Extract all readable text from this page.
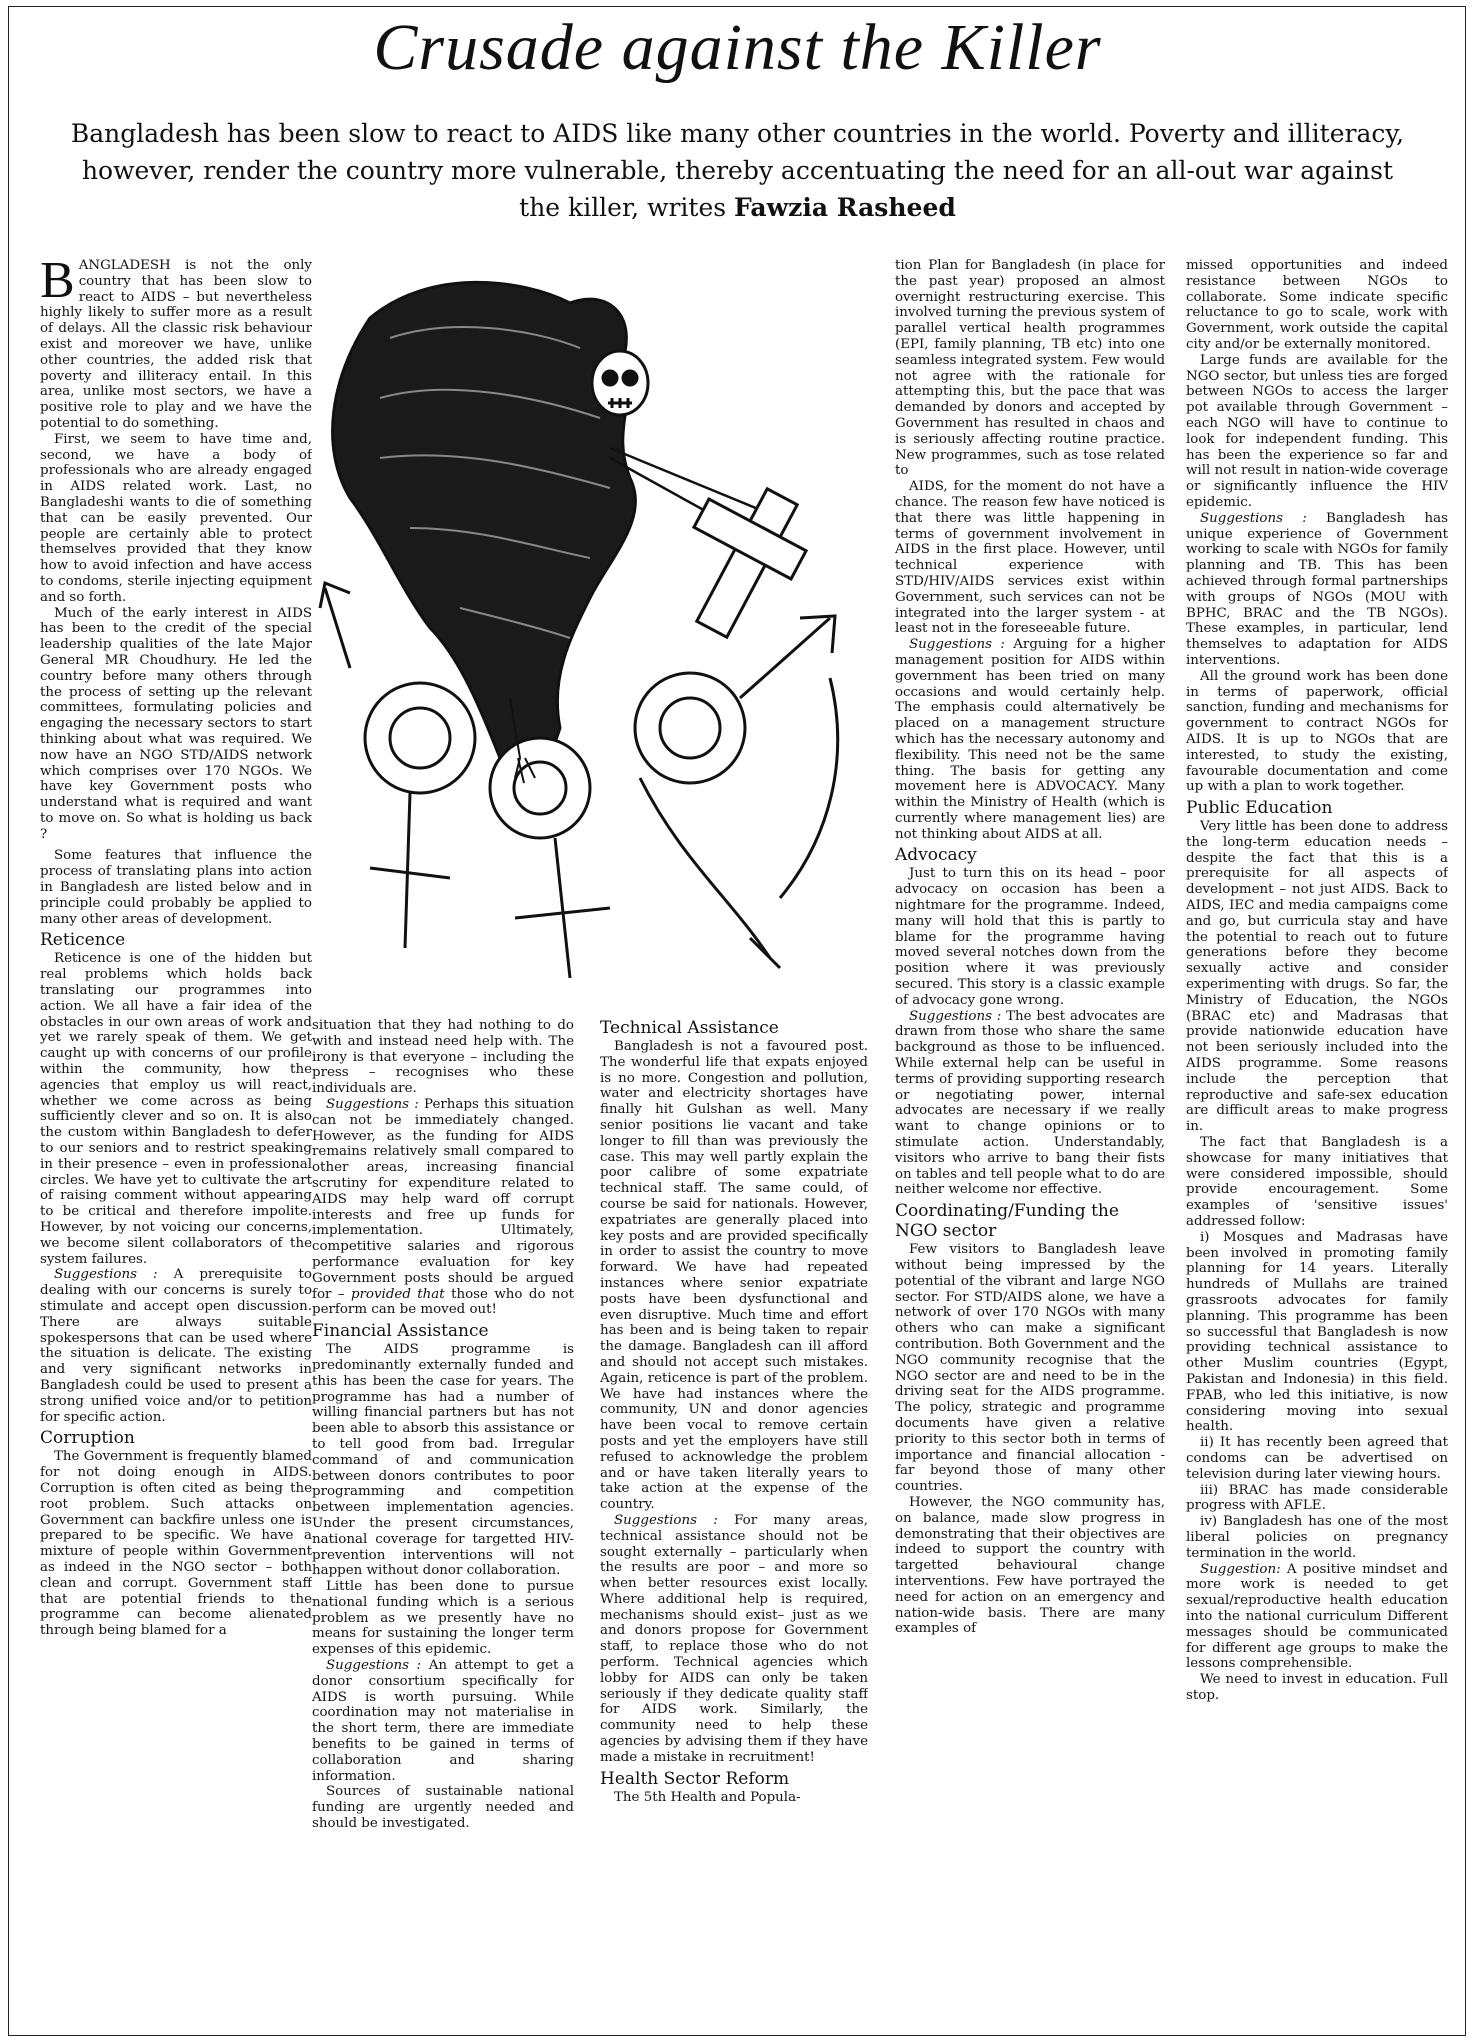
Crusade against the Killer

Bangladesh has been slow to react to AIDS like many other countries in the world. Poverty and illiteracy, however, render the country more vulnerable, thereby accentuating the need for an all-out war against the killer, writes Fawzia Rasheed

BANGLADESH is not the only country that has been slow to react to AIDS – but nevertheless highly likely to suffer more as a result of delays. All the classic risk behaviour exist and moreover we have, unlike other countries, the added risk that poverty and illiteracy entail. In this area, unlike most sectors, we have a positive role to play and we have the potential to do something.

First, we seem to have time and, second, we have a body of professionals who are already engaged in AIDS related work. Last, no Bangladeshi wants to die of something that can be easily prevented. Our people are certainly able to protect themselves provided that they know how to avoid infection and have access to condoms, sterile injecting equipment and so forth.

Much of the early interest in AIDS has been to the credit of the special leadership qualities of the late Major General MR Choudhury. He led the country before many others through the process of setting up the relevant committees, formulating policies and engaging the necessary sectors to start thinking about what was required. We now have an NGO STD/AIDS network which comprises over 170 NGOs. We have key Government posts who understand what is required and want to move on. So what is holding us back ?

Some features that influence the process of translating plans into action in Bangladesh are listed below and in principle could probably be applied to many other areas of development.

Reticence

Reticence is one of the hidden but real problems which holds back translating our programmes into action. We all have a fair idea of the obstacles in our own areas of work and yet we rarely speak of them. We get caught up with concerns of our profile within the community, how the agencies that employ us will react, whether we come across as being sufficiently clever and so on. It is also the custom within Bangladesh to defer to our seniors and to restrict speaking in their presence – even in professional circles. We have yet to cultivate the art of raising comment without appearing to be critical and therefore impolite. However, by not voicing our concerns, we become silent collaborators of the system failures.

Suggestions : A prerequisite to dealing with our concerns is surely to stimulate and accept open discussion. There are always suitable spokespersons that can be used where the situation is delicate. The existing and very significant networks in Bangladesh could be used to present a strong unified voice and/or to petition for specific action.

Corruption

The Government is frequently blamed for not doing enough in AIDS. Corruption is often cited as being the root problem. Such attacks on Government can backfire unless one is prepared to be specific. We have a mixture of people within Government as indeed in the NGO sector – both clean and corrupt. Government staff that are potential friends to the programme can become alienated through being blamed for a

situation that they had nothing to do with and instead need help with. The irony is that everyone – including the press – recognises who these individuals are.

Suggestions : Perhaps this situation can not be immediately changed. However, as the funding for AIDS remains relatively small compared to other areas, increasing financial scrutiny for expenditure related to AIDS may help ward off corrupt interests and free up funds for implementation. Ultimately, competitive salaries and rigorous performance evaluation for key Government posts should be argued for – provided that those who do not perform can be moved out!

Financial Assistance

The AIDS programme is predominantly externally funded and this has been the case for years. The programme has had a number of willing financial partners but has not been able to absorb this assistance or to tell good from bad. Irregular command of and communication between donors contributes to poor programming and competition between implementation agencies. Under the present circumstances, national coverage for targetted HIV-prevention interventions will not happen without donor collaboration.

Little has been done to pursue national funding which is a serious problem as we presently have no means for sustaining the longer term expenses of this epidemic.

Suggestions : An attempt to get a donor consortium specifically for AIDS is worth pursuing. While coordination may not materialise in the short term, there are immediate benefits to be gained in terms of collaboration and sharing information.

Sources of sustainable national funding are urgently needed and should be investigated.

Technical Assistance

Bangladesh is not a favoured post. The wonderful life that expats enjoyed is no more. Congestion and pollution, water and electricity shortages have finally hit Gulshan as well. Many senior positions lie vacant and take longer to fill than was previously the case. This may well partly explain the poor calibre of some expatriate technical staff. The same could, of course be said for nationals. However, expatriates are generally placed into key posts and are provided specifically in order to assist the country to move forward. We have had repeated instances where senior expatriate posts have been dysfunctional and even disruptive. Much time and effort has been and is being taken to repair the damage. Bangladesh can ill afford and should not accept such mistakes. Again, reticence is part of the problem. We have had instances where the community, UN and donor agencies have been vocal to remove certain posts and yet the employers have still refused to acknowledge the problem and or have taken literally years to take action at the expense of the country.

Suggestions : For many areas, technical assistance should not be sought externally – particularly when the results are poor – and more so when better resources exist locally. Where additional help is required, mechanisms should exist– just as we and donors propose for Government staff, to replace those who do not perform. Technical agencies which lobby for AIDS can only be taken seriously if they dedicate quality staff for AIDS work. Similarly, the community need to help these agencies by advising them if they have made a mistake in recruitment!

Health Sector Reform

The 5th Health and Popula-

tion Plan for Bangladesh (in place for the past year) proposed an almost overnight restructuring exercise. This involved turning the previous system of parallel vertical health programmes (EPI, family planning, TB etc) into one seamless integrated system. Few would not agree with the rationale for attempting this, but the pace that was demanded by donors and accepted by Government has resulted in chaos and is seriously affecting routine practice. New programmes, such as tose related to

AIDS, for the moment do not have a chance. The reason few have noticed is that there was little happening in terms of government involvement in AIDS in the first place. However, until technical experience with STD/HIV/AIDS services exist within Government, such services can not be integrated into the larger system - at least not in the foreseeable future.

Suggestions : Arguing for a higher management position for AIDS within government has been tried on many occasions and would certainly help. The emphasis could alternatively be placed on a management structure which has the necessary autonomy and flexibility. This need not be the same thing. The basis for getting any movement here is ADVOCACY. Many within the Ministry of Health (which is currently where management lies) are not thinking about AIDS at all.

Advocacy

Just to turn this on its head – poor advocacy on occasion has been a nightmare for the programme. Indeed, many will hold that this is partly to blame for the programme having moved several notches down from the position where it was previously secured. This story is a classic example of advocacy gone wrong.

Suggestions : The best advocates are drawn from those who share the same background as those to be influenced. While external help can be useful in terms of providing supporting research or negotiating power, internal advocates are necessary if we really want to change opinions or to stimulate action. Understandably, visitors who arrive to bang their fists on tables and tell people what to do are neither welcome nor effective.

Coordinating/Funding the NGO sector

Few visitors to Bangladesh leave without being impressed by the potential of the vibrant and large NGO sector. For STD/AIDS alone, we have a network of over 170 NGOs with many others who can make a significant contribution. Both Government and the NGO community recognise that the NGO sector are and need to be in the driving seat for the AIDS programme. The policy, strategic and programme documents have given a relative priority to this sector both in terms of importance and financial allocation - far beyond those of many other countries.

However, the NGO community has, on balance, made slow progress in demonstrating that their objectives are indeed to support the country with targetted behavioural change interventions. Few have portrayed the need for action on an emergency and nation-wide basis. There are many examples of

missed opportunities and indeed resistance between NGOs to collaborate. Some indicate specific reluctance to go to scale, work with Government, work outside the capital city and/or be externally monitored.

Large funds are available for the NGO sector, but unless ties are forged between NGOs to access the larger pot available through Government – each NGO will have to continue to look for independent funding. This has been the experience so far and will not result in nation-wide coverage or significantly influence the HIV epidemic.

Suggestions : Bangladesh has unique experience of Government working to scale with NGOs for family planning and TB. This has been achieved through formal partnerships with groups of NGOs (MOU with BPHC, BRAC and the TB NGOs). These examples, in particular, lend themselves to adaptation for AIDS interventions.

All the ground work has been done in terms of paperwork, official sanction, funding and mechanisms for government to contract NGOs for AIDS. It is up to NGOs that are interested, to study the existing, favourable documentation and come up with a plan to work together.

Public Education

Very little has been done to address the long-term education needs – despite the fact that this is a prerequisite for all aspects of development – not just AIDS. Back to AIDS, IEC and media campaigns come and go, but curricula stay and have the potential to reach out to future generations before they become sexually active and consider experimenting with drugs. So far, the Ministry of Education, the NGOs (BRAC etc) and Madrasas that provide nationwide education have not been seriously included into the AIDS programme. Some reasons include the perception that reproductive and safe-sex education are difficult areas to make progress in.

The fact that Bangladesh is a showcase for many initiatives that were considered impossible, should provide encouragement. Some examples of 'sensitive issues' addressed follow:

i) Mosques and Madrasas have been involved in promoting family planning for 14 years. Literally hundreds of Mullahs are trained grassroots advocates for family planning. This programme has been so successful that Bangladesh is now providing technical assistance to other Muslim countries (Egypt, Pakistan and Indonesia) in this field. FPAB, who led this initiative, is now considering moving into sexual health.

ii) It has recently been agreed that condoms can be advertised on television during later viewing hours.

iii) BRAC has made considerable progress with AFLE.

iv) Bangladesh has one of the most liberal policies on pregnancy termination in the world.

Suggestion: A positive mindset and more work is needed to get sexual/reproductive health education into the national curriculum Different messages should be communicated for different age groups to make the lessons comprehensible.

We need to invest in education. Full stop.
